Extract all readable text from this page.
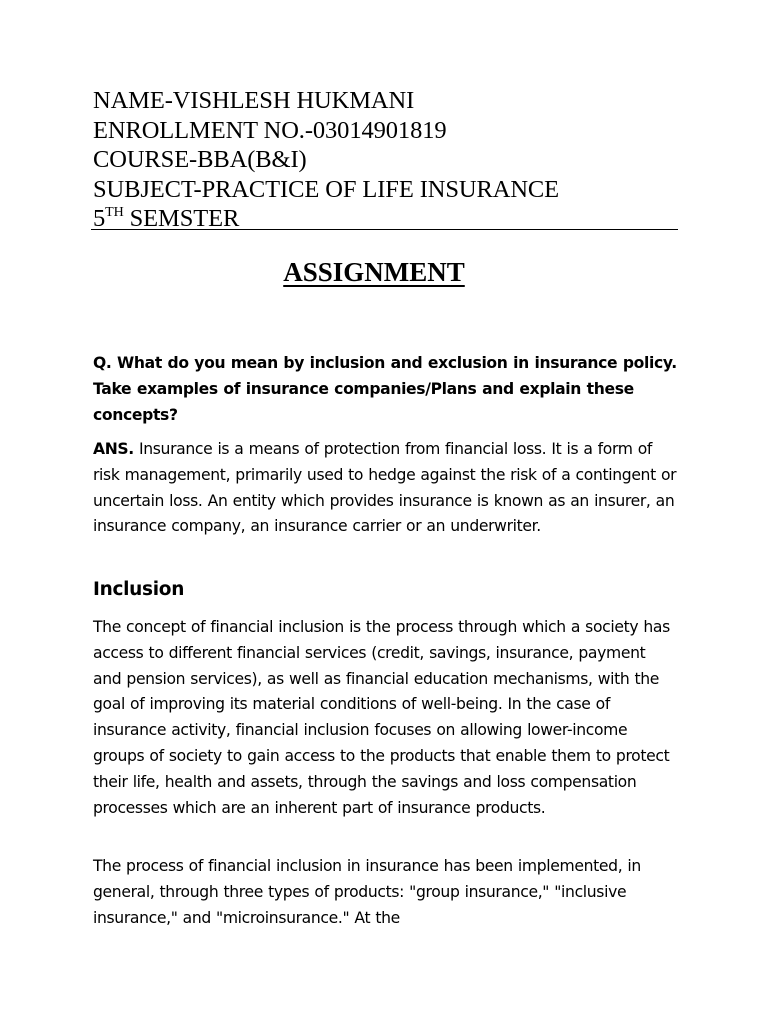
NAME-VISHLESH HUKMANI
ENROLLMENT NO.-03014901819
COURSE-BBA(B&I)
SUBJECT-PRACTICE OF LIFE INSURANCE
5TH SEMSTER
ASSIGNMENT
Q. What do you mean by inclusion and exclusion in insurance policy. Take examples of insurance companies/Plans and explain these concepts?
ANS. Insurance is a means of protection from financial loss. It is a form of risk management, primarily used to hedge against the risk of a contingent or uncertain loss. An entity which provides insurance is known as an insurer, an insurance company, an insurance carrier or an underwriter.
Inclusion
The concept of financial inclusion is the process through which a society has access to different financial services (credit, savings, insurance, payment and pension services), as well as financial education mechanisms, with the goal of improving its material conditions of well-being. In the case of insurance activity, financial inclusion focuses on allowing lower-income groups of society to gain access to the products that enable them to protect their life, health and assets, through the savings and loss compensation processes which are an inherent part of insurance products.
The process of financial inclusion in insurance has been implemented, in general, through three types of products: "group insurance," "inclusive insurance," and "microinsurance." At the
